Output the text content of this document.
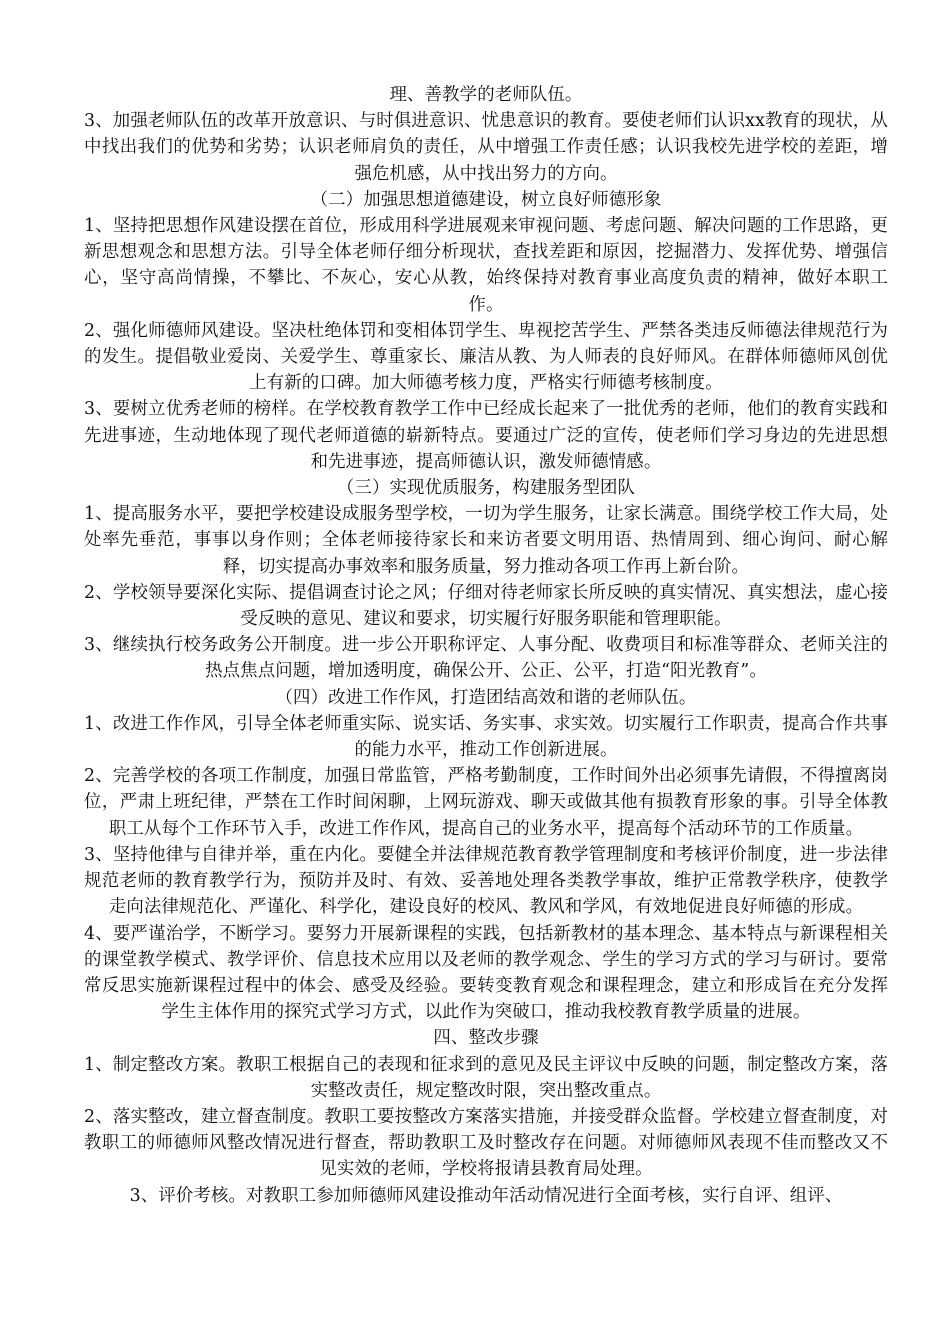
理、善教学的老师队伍。

3、加强老师队伍的改革开放意识、与时俱进意识、忧患意识的教育。要使老师们认识xx教育的现状，从中找出我们的优势和劣势；认识老师肩负的责任，从中增强工作责任感；认识我校先进学校的差距，增强危机感，从中找出努力的方向。

（二）加强思想道德建设，树立良好师德形象

1、坚持把思想作风建设摆在首位，形成用科学进展观来审视问题、考虑问题、解决问题的工作思路，更新思想观念和思想方法。引导全体老师仔细分析现状，查找差距和原因，挖掘潜力、发挥优势、增强信心，坚守高尚情操，不攀比、不灰心，安心从教，始终保持对教育事业高度负责的精神，做好本职工作。

2、强化师德师风建设。坚决杜绝体罚和变相体罚学生、卑视挖苦学生、严禁各类违反师德法律规范行为的发生。提倡敬业爱岗、关爱学生、尊重家长、廉洁从教、为人师表的良好师风。在群体师德师风创优上有新的口碑。加大师德考核力度，严格实行师德考核制度。

3、要树立优秀老师的榜样。在学校教育教学工作中已经成长起来了一批优秀的老师，他们的教育实践和先进事迹，生动地体现了现代老师道德的崭新特点。要通过广泛的宣传，使老师们学习身边的先进思想和先进事迹，提高师德认识，激发师德情感。

（三）实现优质服务，构建服务型团队

1、提高服务水平，要把学校建设成服务型学校，一切为学生服务，让家长满意。围绕学校工作大局，处处率先垂范，事事以身作则；全体老师接待家长和来访者要文明用语、热情周到、细心询问、耐心解释，切实提高办事效率和服务质量，努力推动各项工作再上新台阶。

2、学校领导要深化实际、提倡调查讨论之风；仔细对待老师家长所反映的真实情况、真实想法，虚心接受反映的意见、建议和要求，切实履行好服务职能和管理职能。

3、继续执行校务政务公开制度。进一步公开职称评定、人事分配、收费项目和标准等群众、老师关注的热点焦点问题，增加透明度，确保公开、公正、公平，打造“阳光教育”。

（四）改进工作作风，打造团结高效和谐的老师队伍。

1、改进工作作风，引导全体老师重实际、说实话、务实事、求实效。切实履行工作职责，提高合作共事的能力水平，推动工作创新进展。

2、完善学校的各项工作制度，加强日常监管，严格考勤制度，工作时间外出必须事先请假，不得擅离岗位，严肃上班纪律，严禁在工作时间闲聊，上网玩游戏、聊天或做其他有损教育形象的事。引导全体教职工从每个工作环节入手，改进工作作风，提高自己的业务水平，提高每个活动环节的工作质量。

3、坚持他律与自律并举，重在内化。要健全并法律规范教育教学管理制度和考核评价制度，进一步法律规范老师的教育教学行为，预防并及时、有效、妥善地处理各类教学事故，维护正常教学秩序，使教学走向法律规范化、严谨化、科学化，建设良好的校风、教风和学风，有效地促进良好师德的形成。

4、要严谨治学，不断学习。要努力开展新课程的实践，包括新教材的基本理念、基本特点与新课程相关的课堂教学模式、教学评价、信息技术应用以及老师的教学观念、学生的学习方式的学习与研讨。要常常反思实施新课程过程中的体会、感受及经验。要转变教育观念和课程理念，建立和形成旨在充分发挥学生主体作用的探究式学习方式，以此作为突破口，推动我校教育教学质量的进展。

四、整改步骤

1、制定整改方案。教职工根据自己的表现和征求到的意见及民主评议中反映的问题，制定整改方案，落实整改责任，规定整改时限，突出整改重点。

2、落实整改，建立督查制度。教职工要按整改方案落实措施，并接受群众监督。学校建立督查制度，对教职工的师德师风整改情况进行督查，帮助教职工及时整改存在问题。对师德师风表现不佳而整改又不见实效的老师，学校将报请县教育局处理。

3、评价考核。对教职工参加师德师风建设推动年活动情况进行全面考核，实行自评、组评、
